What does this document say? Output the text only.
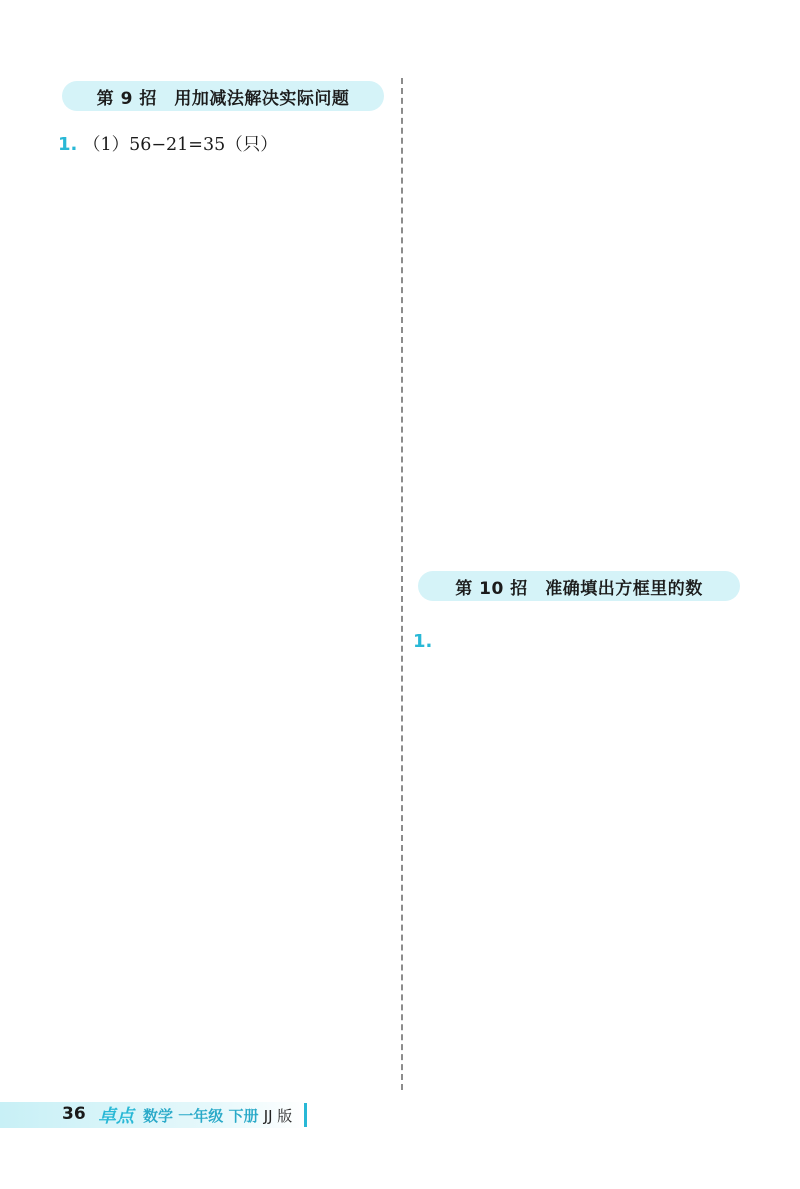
第 9 招　用加减法解决实际问题
1. （1）56−21=35（只）
第 10 招　准确填出方框里的数
1.
36 卓点 数学 一年级 下册 JJ 版
